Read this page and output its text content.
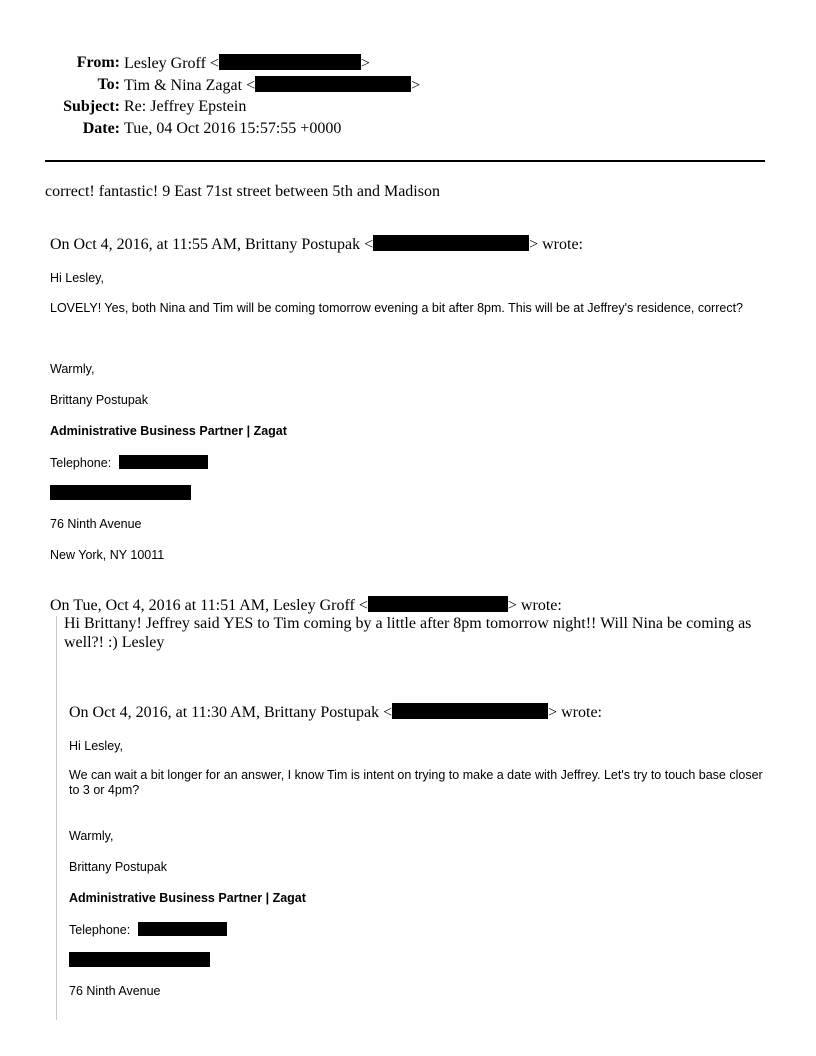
From: Lesley Groff <	>
To: Tim & Nina Zagat <	>
Subject: Re: Jeffrey Epstein
Date: Tue, 04 Oct 2016 15:57:55 +0000
correct! fantastic! 9 East 71st street between 5th and Madison
On Oct 4, 2016, at 11:55 AM, Brittany Postupak <	> wrote:
Hi Lesley,
LOVELY! Yes, both Nina and Tim will be coming tomorrow evening a bit after 8pm. This will be at Jeffrey's residence, correct?
Warmly,
Brittany Postupak
Administrative Business Partner | Zagat
Telephone:
76 Ninth Avenue
New York, NY 10011
On Tue, Oct 4, 2016 at 11:51 AM, Lesley Groff <	> wrote:
Hi Brittany! Jeffrey said YES to Tim coming by a little after 8pm tomorrow night!! Will Nina be coming as well?! :) Lesley
On Oct 4, 2016, at 11:30 AM, Brittany Postupak <	> wrote:
Hi Lesley,
We can wait a bit longer for an answer, I know Tim is intent on trying to make a date with Jeffrey. Let's try to touch base closer to 3 or 4pm?
Warmly,
Brittany Postupak
Administrative Business Partner | Zagat
Telephone:
76 Ninth Avenue
